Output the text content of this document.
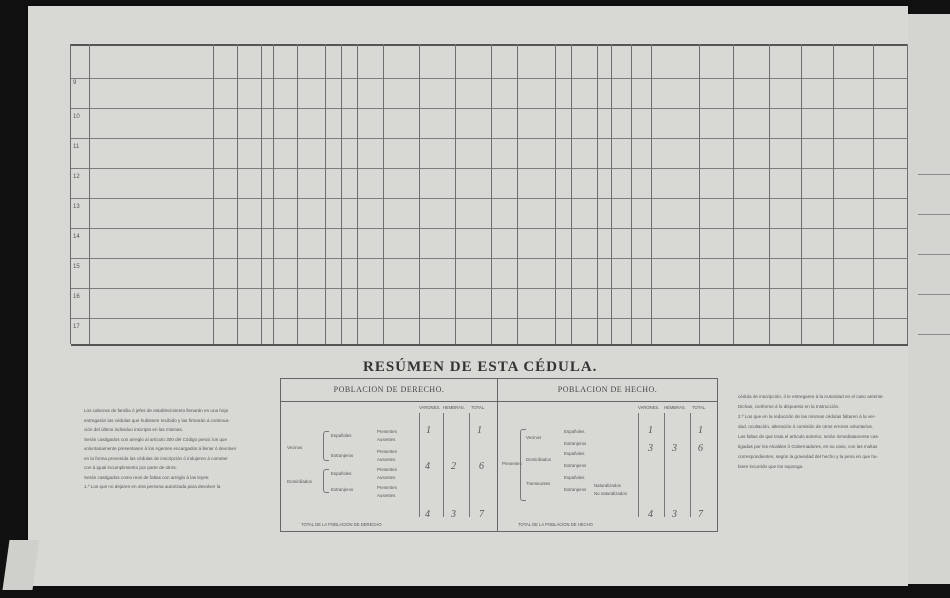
9
10
11
12
13
14
15
16
17
RESÚMEN DE ESTA CÉDULA.

Los cabezas de familia ó jefes de establecimiento llenarán en una hoja

entregarán las cédulas que hubiesen recibido y las firmarán á continua-

ción del último individuo inscripto en las mismas.

Serán castigados con arreglo al artículo 300 del Código penal, los que

voluntariamente presentasen á los Agentes encargados á llenar ó devolver

en la forma prevenida las cédulas de inscripción ó indujeren á cometer

con á igual incumplimiento por parte de otros.

Serán castigados como reos de faltas con arreglo á las leyes:

1.º Los que no dejaren en otra persona autorizada para devolver la

POBLACION DE DERECHO.
VARONES. HEMBRAS. TOTAL.
Vecinos
Domiciliados
Españoles
Extranjeros
Españoles
Extranjeros
Presentes
Ausentes
Presentes
Ausentes
Presentes
Ausentes
Presentes
Ausentes
1	1
4 2 6
TOTAL DE LA POBLACION DE DERECHO
4 3 7
POBLACION DE HECHO.
VARONES. HEMBRAS. TOTAL.
Presentes
Vecinos
Domiciliados
Transeuntes
Españoles
Extranjeros
Españoles
Extranjeros
Españoles
Extranjeros
Naturalizados
No naturalizados
1	1
3 3 6
TOTAL DE LA POBLACION DE HECHO
4 3 7

cédula de inscripción, ó le entregaren á la Autoridad en el caso anterior.

Dichas, conforme á lo dispuesto en la Instrucción.

2.º Los que en la redacción de las mismas cédulas faltaren á la ver-

dad, ocultación, alteración ó comisión de otros errores voluntarios.

Las faltas de que trata el artículo anterior, serán inmediatamente cas-

tigadas por los Alcaldes ó Gobernadores, en su caso, con las multas

correspondientes, según la gravedad del hecho y la pena en que hu-

biere incurrido que los suponga.
